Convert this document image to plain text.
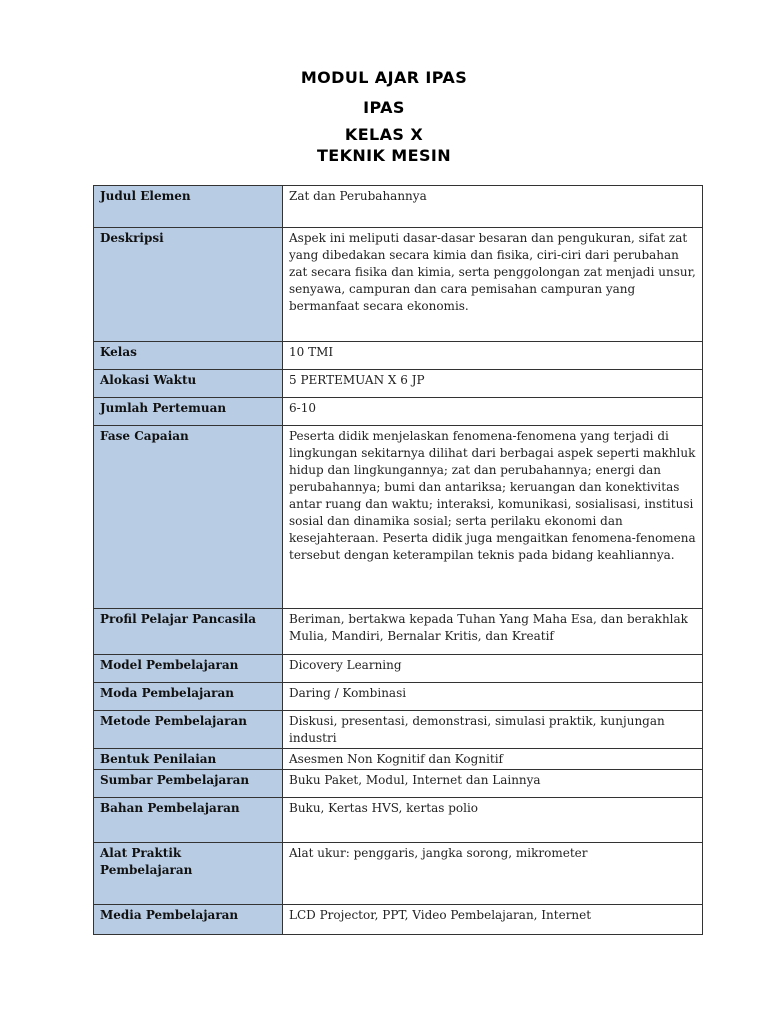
MODUL AJAR IPAS
IPAS
KELAS X
TEKNIK MESIN
Judul Elemen	Zat dan Perubahannya
Deskripsi	Aspek ini meliputi dasar-dasar besaran dan pengukuran, sifat zat yang dibedakan secara kimia dan fisika, ciri-ciri dari perubahan zat secara fisika dan kimia, serta penggolongan zat menjadi unsur, senyawa, campuran dan cara pemisahan campuran yang bermanfaat secara ekonomis.
Kelas	10 TMI
Alokasi Waktu	5 PERTEMUAN X 6 JP
Jumlah Pertemuan	6-10
Fase Capaian	Peserta didik menjelaskan fenomena-fenomena yang terjadi di lingkungan sekitarnya dilihat dari berbagai aspek seperti makhluk hidup dan lingkungannya; zat dan perubahannya; energi dan perubahannya; bumi dan antariksa; keruangan dan konektivitas antar ruang dan waktu; interaksi, komunikasi, sosialisasi, institusi sosial dan dinamika sosial; serta perilaku ekonomi dan kesejahteraan. Peserta didik juga mengaitkan fenomena-fenomena tersebut dengan keterampilan teknis pada bidang keahliannya.
Profil Pelajar Pancasila	Beriman, bertakwa kepada Tuhan Yang Maha Esa, dan berakhlak Mulia, Mandiri, Bernalar Kritis, dan Kreatif
Model Pembelajaran	Dicovery Learning
Moda Pembelajaran	Daring / Kombinasi
Metode Pembelajaran	Diskusi, presentasi, demonstrasi, simulasi praktik, kunjungan industri
Bentuk Penilaian	Asesmen Non Kognitif dan Kognitif
Sumbar Pembelajaran	Buku Paket, Modul, Internet dan Lainnya
Bahan Pembelajaran	Buku, Kertas HVS, kertas polio
Alat Praktik Pembelajaran	Alat ukur: penggaris, jangka sorong, mikrometer
Media Pembelajaran	LCD Projector, PPT, Video Pembelajaran, Internet
